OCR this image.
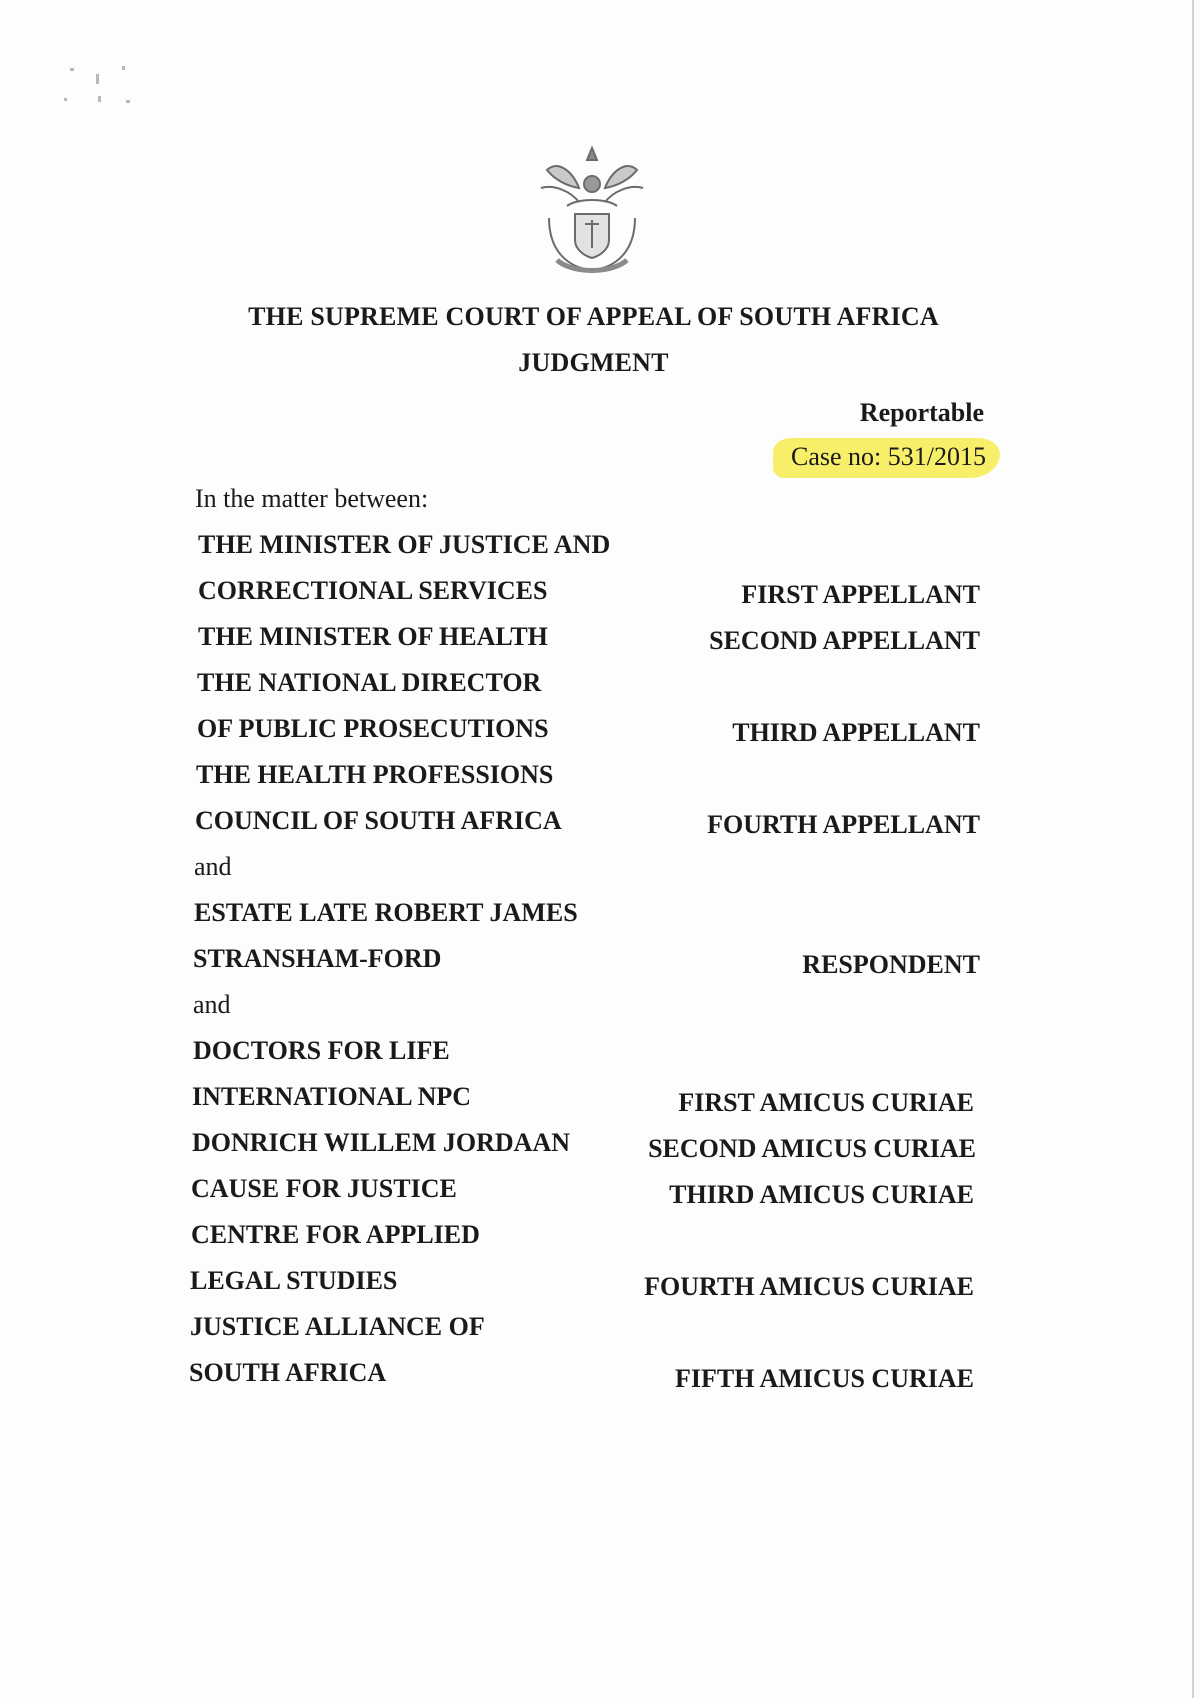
THE SUPREME COURT OF APPEAL OF SOUTH AFRICA
JUDGMENT
Reportable
Case no: 531/2015
In the matter between:
THE MINISTER OF JUSTICE AND
CORRECTIONAL SERVICES	FIRST APPELLANT
THE MINISTER OF HEALTH	SECOND APPELLANT
THE NATIONAL DIRECTOR
OF PUBLIC PROSECUTIONS	THIRD APPELLANT
THE HEALTH PROFESSIONS
COUNCIL OF SOUTH AFRICA	FOURTH APPELLANT
and
ESTATE LATE ROBERT JAMES
STRANSHAM-FORD	RESPONDENT
and
DOCTORS FOR LIFE
INTERNATIONAL NPC	FIRST AMICUS CURIAE
DONRICH WILLEM JORDAAN	SECOND AMICUS CURIAE
CAUSE FOR JUSTICE	THIRD AMICUS CURIAE
CENTRE FOR APPLIED
LEGAL STUDIES	FOURTH AMICUS CURIAE
JUSTICE ALLIANCE OF
SOUTH AFRICA	FIFTH AMICUS CURIAE
